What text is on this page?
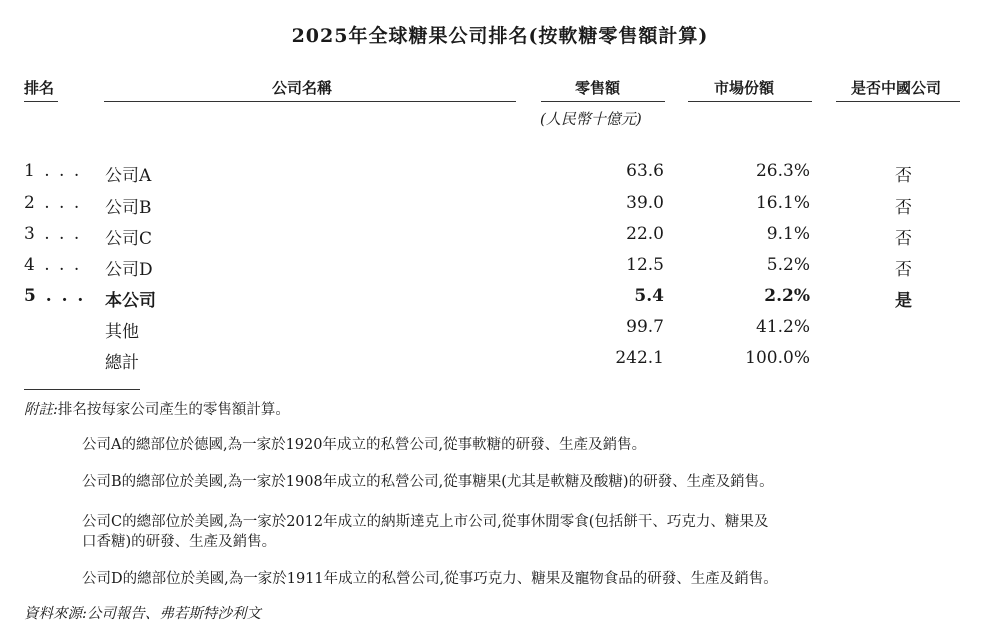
2025年全球糖果公司排名(按軟糖零售額計算)
排名	公司名稱	零售額	市場份額	是否中國公司
(人民幣十億元)
1 . . . 公司A	63.6	26.3%	否
2 . . . 公司B	39.0	16.1%	否
3 . . . 公司C	22.0	9.1%	否
4 . . . 公司D	12.5	5.2%	否
5 . . . 本公司	5.4	2.2%	是
其他	99.7	41.2%
總計	242.1	100.0%
附註:排名按每家公司產生的零售額計算。
公司A的總部位於德國,為一家於1920年成立的私營公司,從事軟糖的研發、生產及銷售。
公司B的總部位於美國,為一家於1908年成立的私營公司,從事糖果(尤其是軟糖及酸糖)的研發、生產及銷售。
公司C的總部位於美國,為一家於2012年成立的納斯達克上市公司,從事休閒零食(包括餅干、巧克力、糖果及
口香糖)的研發、生產及銷售。
公司D的總部位於美國,為一家於1911年成立的私營公司,從事巧克力、糖果及寵物食品的研發、生產及銷售。
資料來源:公司報告、弗若斯特沙利文
